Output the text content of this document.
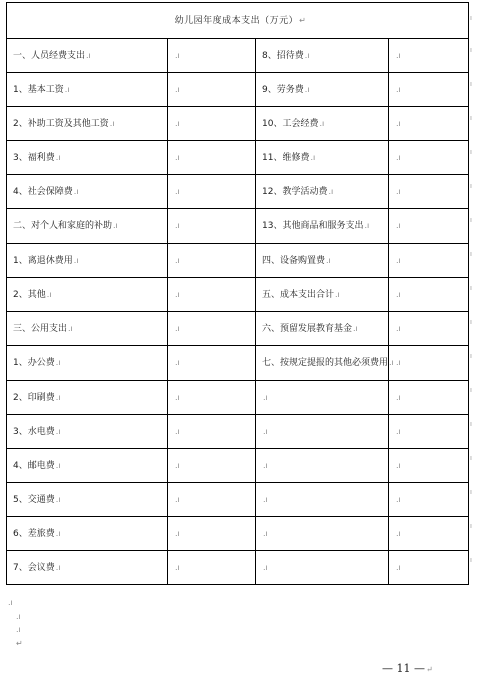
幼儿园年度成本支出（万元）↵			
一、人员经费支出.ı	.ı	8、招待费.ı	.ı
1、基本工资.ı	.ı	9、劳务费.ı	.ı
2、补助工资及其他工资.ı	.ı	10、工会经费.ı	.ı
3、福利费.ı	.ı	11、维修费.ı	.ı
4、社会保障费.ı	.ı	12、教学活动费.ı	.ı
二、对个人和家庭的补助.ı	.ı	13、其他商品和服务支出.ı	.ı
1、离退休费用.ı	.ı	四、设备购置费.ı	.ı
2、其他.ı	.ı	五、成本支出合计.ı	.ı
三、公用支出.ı	.ı	六、预留发展教育基金.ı	.ı
1、办公费.ı	.ı	七、按规定提报的其他必须费用.ı	.ı
2、印刷费.ı	.ı	.ı	.ı
3、水电费.ı	.ı	.ı	.ı
4、邮电费.ı	.ı	.ı	.ı
5、交通费.ı	.ı	.ı	.ı
6、差旅费.ı	.ı	.ı	.ı
7、会议费.ı	.ı	.ı	.ı
.ı
.ı
.ı
↵
— 11 —↵
ı
ı
ı
ı
ı
ı
ı
ı
ı
ı
ı
ı
ı
ı
ı
ı
ı
